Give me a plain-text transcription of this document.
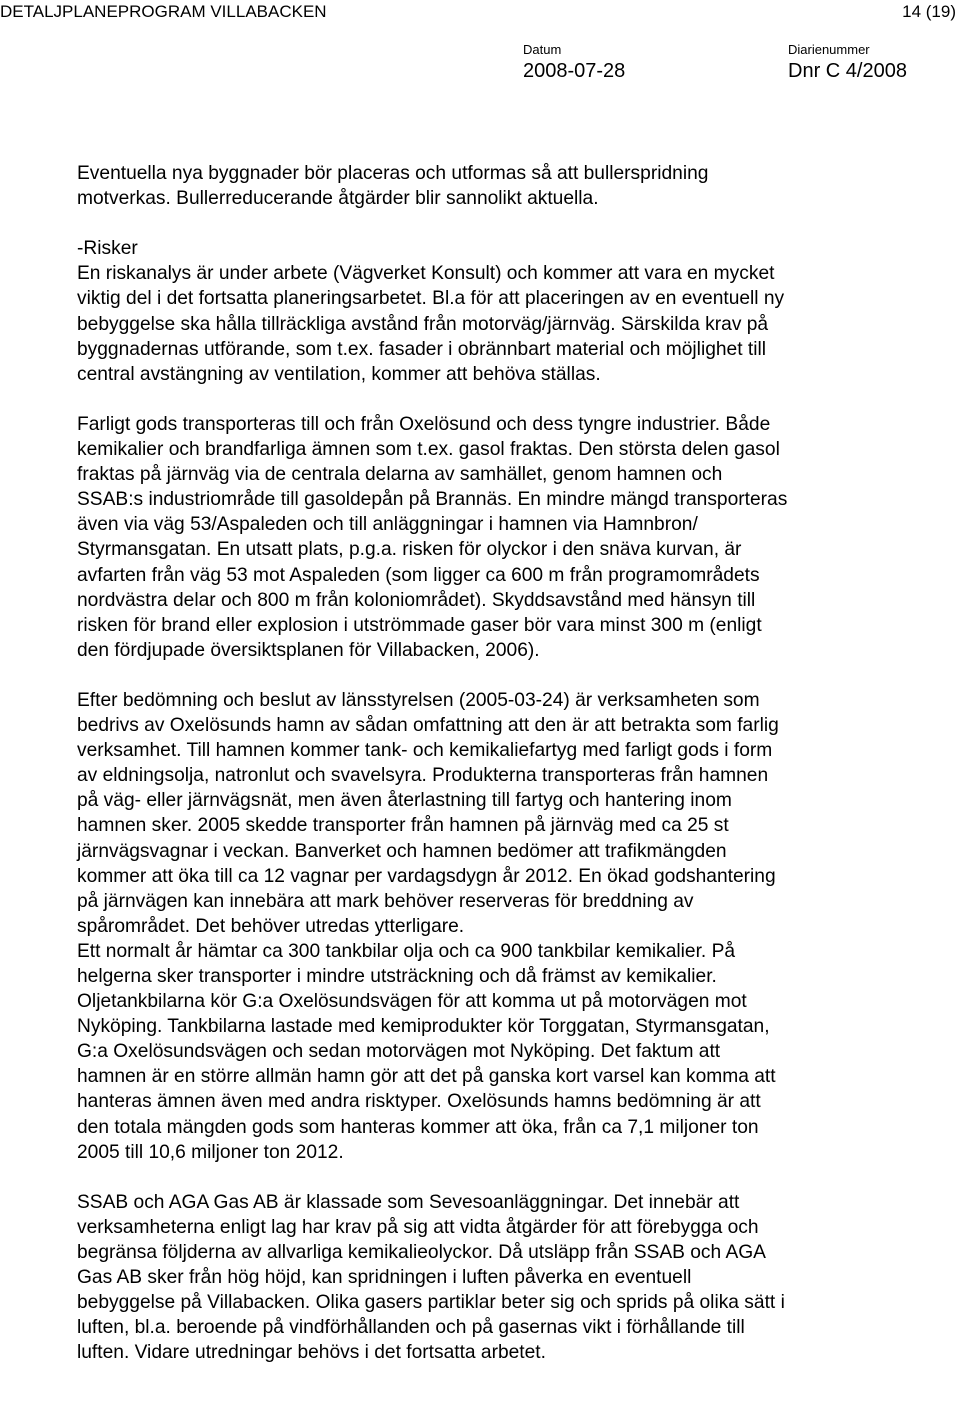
DETALJPLANEPROGRAM VILLABACKEN	14 (19)
Datum
2008-07-28
Diarienummer
Dnr C 4/2008

Eventuella nya byggnader bör placeras och utformas så att bullerspridning
motverkas. Bullerreducerande åtgärder blir sannolikt aktuella.

-Risker

En riskanalys är under arbete (Vägverket Konsult) och kommer att vara en mycket
viktig del i det fortsatta planeringsarbetet. Bl.a för att placeringen av en eventuell ny
bebyggelse ska hålla tillräckliga avstånd från motorväg/järnväg. Särskilda krav på
byggnadernas utförande, som t.ex. fasader i obrännbart material och möjlighet till
central avstängning av ventilation, kommer att behöva ställas.

Farligt gods transporteras till och från Oxelösund och dess tyngre industrier. Både
kemikalier och brandfarliga ämnen som t.ex. gasol fraktas. Den största delen gasol
fraktas på järnväg via de centrala delarna av samhället, genom hamnen och
SSAB:s industriområde till gasoldepån på Brannäs. En mindre mängd transporteras
även via väg 53/Aspaleden och till anläggningar i hamnen via Hamnbron/
Styrmansgatan. En utsatt plats, p.g.a. risken för olyckor i den snäva kurvan, är
avfarten från väg 53 mot Aspaleden (som ligger ca 600 m från programområdets
nordvästra delar och 800 m från koloniområdet). Skyddsavstånd med hänsyn till
risken för brand eller explosion i utströmmade gaser bör vara minst 300 m (enligt
den fördjupade översiktsplanen för Villabacken, 2006).

Efter bedömning och beslut av länsstyrelsen (2005-03-24) är verksamheten som
bedrivs av Oxelösunds hamn av sådan omfattning att den är att betrakta som farlig
verksamhet. Till hamnen kommer tank- och kemikaliefartyg med farligt gods i form
av eldningsolja, natronlut och svavelsyra. Produkterna transporteras från hamnen
på väg- eller järnvägsnät, men även återlastning till fartyg och hantering inom
hamnen sker. 2005 skedde transporter från hamnen på järnväg med ca 25 st
järnvägsvagnar i veckan. Banverket och hamnen bedömer att trafikmängden
kommer att öka till ca 12 vagnar per vardagsdygn år 2012. En ökad godshantering
på järnvägen kan innebära att mark behöver reserveras för breddning av
spårområdet. Det behöver utredas ytterligare.

Ett normalt år hämtar ca 300 tankbilar olja och ca 900 tankbilar kemikalier. På
helgerna sker transporter i mindre utsträckning och då främst av kemikalier.
Oljetankbilarna kör G:a Oxelösundsvägen för att komma ut på motorvägen mot
Nyköping. Tankbilarna lastade med kemiprodukter kör Torggatan, Styrmansgatan,
G:a Oxelösundsvägen och sedan motorvägen mot Nyköping. Det faktum att
hamnen är en större allmän hamn gör att det på ganska kort varsel kan komma att
hanteras ämnen även med andra risktyper. Oxelösunds hamns bedömning är att
den totala mängden gods som hanteras kommer att öka, från ca 7,1 miljoner ton
2005 till 10,6 miljoner ton 2012.

SSAB och AGA Gas AB är klassade som Sevesoanläggningar. Det innebär att
verksamheterna enligt lag har krav på sig att vidta åtgärder för att förebygga och
begränsa följderna av allvarliga kemikalieolyckor. Då utsläpp från SSAB och AGA
Gas AB sker från hög höjd, kan spridningen i luften påverka en eventuell
bebyggelse på Villabacken. Olika gasers partiklar beter sig och sprids på olika sätt i
luften, bl.a. beroende på vindförhållanden och på gasernas vikt i förhållande till
luften. Vidare utredningar behövs i det fortsatta arbetet.
